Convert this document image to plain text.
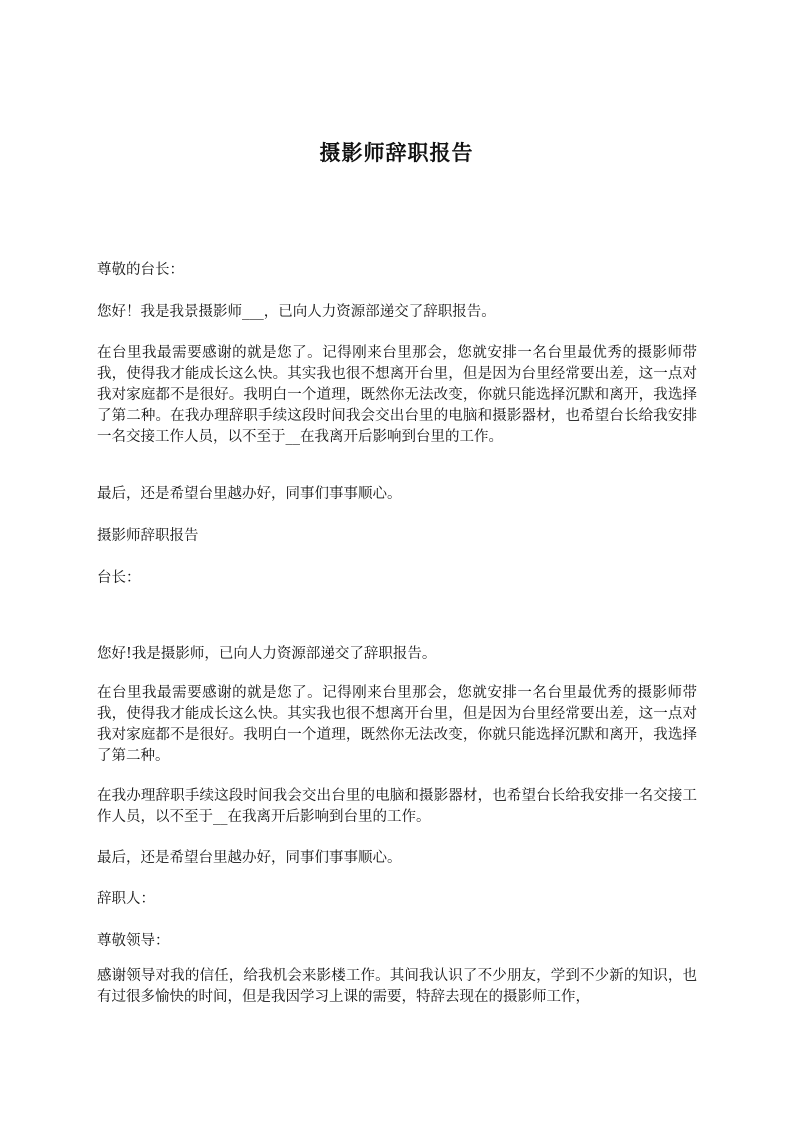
摄影师辞职报告

尊敬的台长：

您好！我是我景摄影师___，已向人力资源部递交了辞职报告。

在台里我最需要感谢的就是您了。记得刚来台里那会，您就安排一名台里最优秀的摄影师带我，使得我才能成长这么快。其实我也很不想离开台里，但是因为台里经常要出差，这一点对我对家庭都不是很好。我明白一个道理，既然你无法改变，你就只能选择沉默和离开，我选择了第二种。在我办理辞职手续这段时间我会交出台里的电脑和摄影器材，也希望台长给我安排一名交接工作人员，以不至于__在我离开后影响到台里的工作。

最后，还是希望台里越办好，同事们事事顺心。

摄影师辞职报告

台长：

您好!我是摄影师，已向人力资源部递交了辞职报告。

在台里我最需要感谢的就是您了。记得刚来台里那会，您就安排一名台里最优秀的摄影师带我，使得我才能成长这么快。其实我也很不想离开台里，但是因为台里经常要出差，这一点对我对家庭都不是很好。我明白一个道理，既然你无法改变，你就只能选择沉默和离开，我选择了第二种。

在我办理辞职手续这段时间我会交出台里的电脑和摄影器材，也希望台长给我安排一名交接工作人员，以不至于__在我离开后影响到台里的工作。

最后，还是希望台里越办好，同事们事事顺心。

辞职人：

尊敬领导：

感谢领导对我的信任，给我机会来影楼工作。其间我认识了不少朋友，学到不少新的知识，也有过很多愉快的时间，但是我因学习上课的需要，特辞去现在的摄影师工作，
